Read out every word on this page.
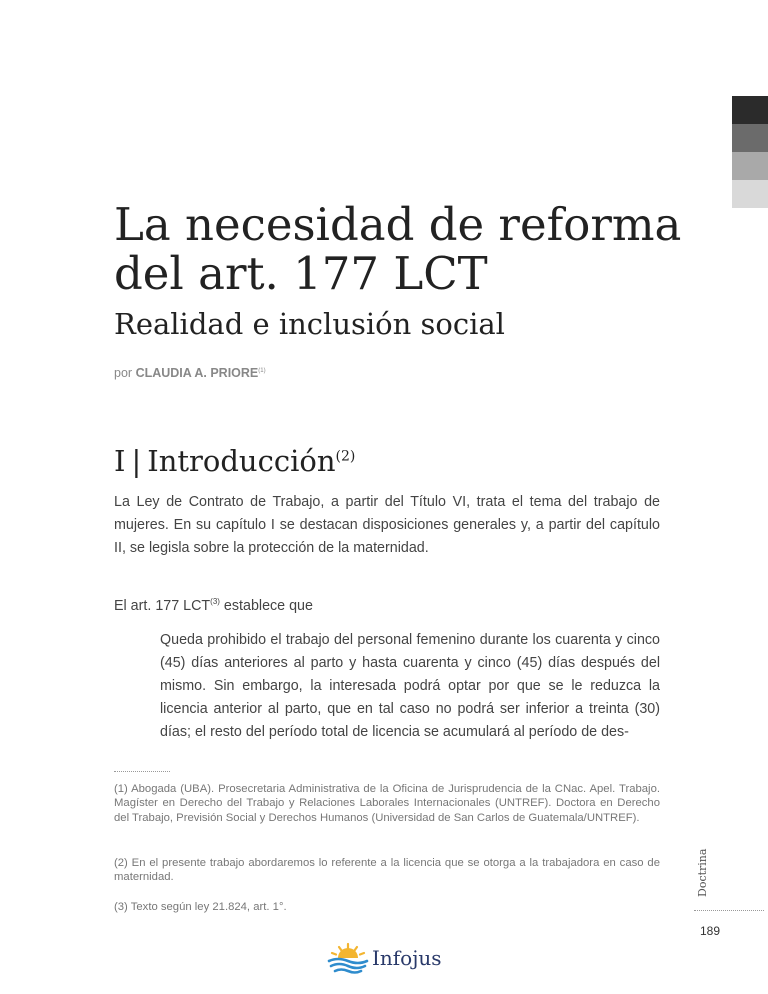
La necesidad de reforma
del art. 177 LCT
Realidad e inclusión social
por CLAUDIA A. PRIORE$^{(1)}$
I | Introducción$^{(2)}$

La Ley de Contrato de Trabajo, a partir del Título VI, trata el tema del trabajo de mujeres. En su capítulo I se destacan disposiciones generales y, a partir del capítulo II, se legisla sobre la protección de la maternidad.

El art. 177 LCT$^{(3)}$ establece que

Queda prohibido el trabajo del personal femenino durante los cuarenta y cinco (45) días anteriores al parto y hasta cuarenta y cinco (45) días después del mismo. Sin embargo, la interesada podrá optar por que se le reduzca la licencia anterior al parto, que en tal caso no podrá ser inferior a treinta (30) días; el resto del período total de licencia se acumulará al período de des-

(1) Abogada (UBA). Prosecretaria Administrativa de la Oficina de Jurisprudencia de la CNac. Apel. Trabajo. Magíster en Derecho del Trabajo y Relaciones Laborales Internacionales (UNTREF). Doctora en Derecho del Trabajo, Previsión Social y Derechos Humanos (Universidad de San Carlos de Guatemala/UNTREF).

(2) En el presente trabajo abordaremos lo referente a la licencia que se otorga a la trabajadora en caso de maternidad.

(3) Texto según ley 21.824, art. 1°.

Doctrina
189
Infojus
